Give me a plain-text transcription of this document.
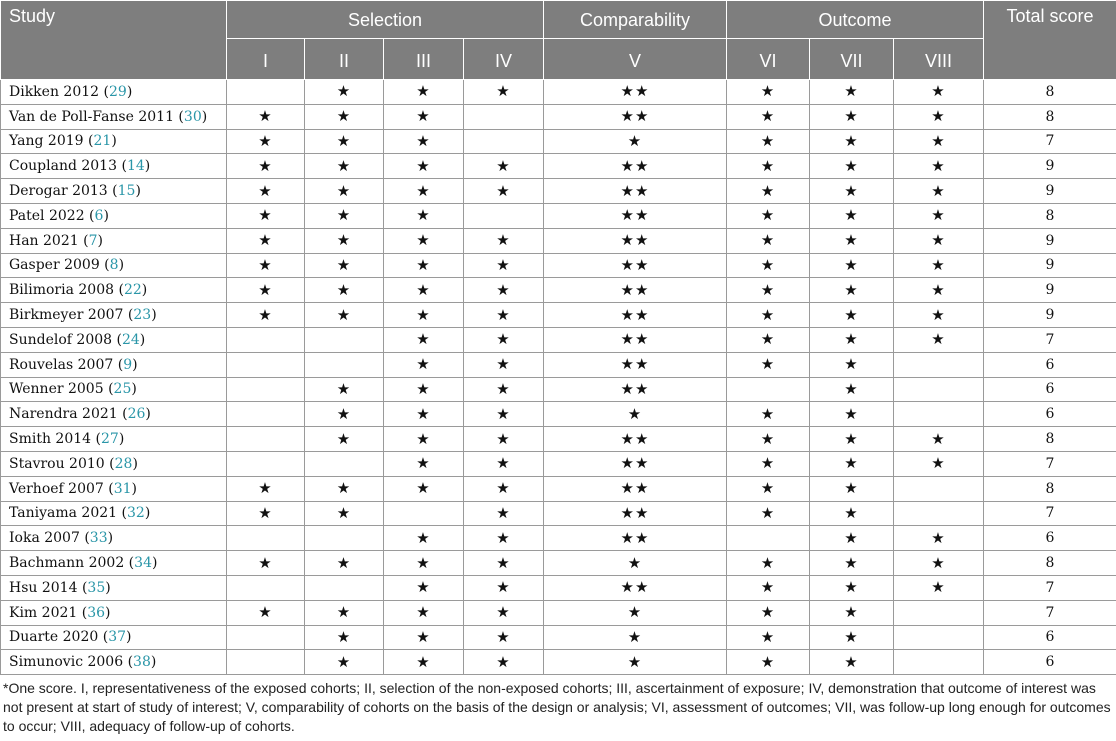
Study	Selection				Comparability	Outcome			Total score
	I	II	III	IV	V	VI	VII	VIII	
Dikken 2012 (29)		★	★	★	★★	★	★	★	8
Van de Poll-Fanse 2011 (30)	★	★	★		★★	★	★	★	8
Yang 2019 (21)	★	★	★		★	★	★	★	7
Coupland 2013 (14)	★	★	★	★	★★	★	★	★	9
Derogar 2013 (15)	★	★	★	★	★★	★	★	★	9
Patel 2022 (6)	★	★	★		★★	★	★	★	8
Han 2021 (7)	★	★	★	★	★★	★	★	★	9
Gasper 2009 (8)	★	★	★	★	★★	★	★	★	9
Bilimoria 2008 (22)	★	★	★	★	★★	★	★	★	9
Birkmeyer 2007 (23)	★	★	★	★	★★	★	★	★	9
Sundelof 2008 (24)			★	★	★★	★	★	★	7
Rouvelas 2007 (9)			★	★	★★	★	★		6
Wenner 2005 (25)		★	★	★	★★		★		6
Narendra 2021 (26)		★	★	★	★	★	★		6
Smith 2014 (27)		★	★	★	★★	★	★	★	8
Stavrou 2010 (28)			★	★	★★	★	★	★	7
Verhoef 2007 (31)	★	★	★	★	★★	★	★		8
Taniyama 2021 (32)	★	★		★	★★	★	★		7
Ioka 2007 (33)			★	★	★★		★	★	6
Bachmann 2002 (34)	★	★	★	★	★	★	★	★	8
Hsu 2014 (35)			★	★	★★	★	★	★	7
Kim 2021 (36)	★	★	★	★	★	★	★		7
Duarte 2020 (37)		★	★	★	★	★	★		6
Simunovic 2006 (38)		★	★	★	★	★	★		6
*One score. I, representativeness of the exposed cohorts; II, selection of the non-exposed cohorts; III, ascertainment of exposure; IV, demonstration that outcome of interest was not present at start of study of interest; V, comparability of cohorts on the basis of the design or analysis; VI, assessment of outcomes; VII, was follow-up long enough for outcomes to occur; VIII, adequacy of follow-up of cohorts.
